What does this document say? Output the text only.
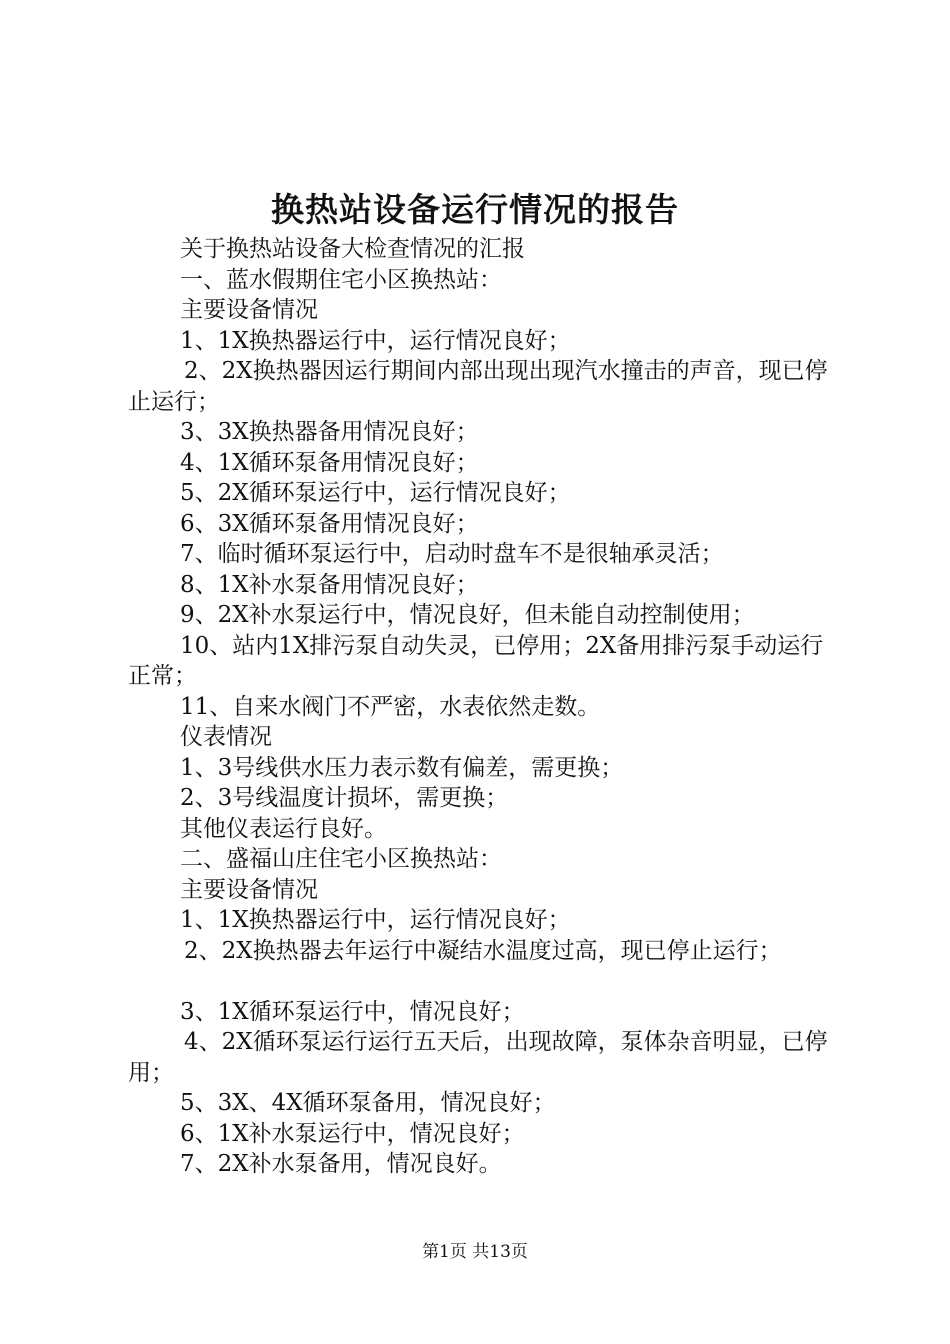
换热站设备运行情况的报告

关于换热站设备大检查情况的汇报

一、蓝水假期住宅小区换热站：

主要设备情况

1、1X换热器运行中，运行情况良好；

2、2X换热器因运行期间内部出现出现汽水撞击的声音，现已停止运行；

3、3X换热器备用情况良好；

4、1X循环泵备用情况良好；

5、2X循环泵运行中，运行情况良好；

6、3X循环泵备用情况良好；

7、临时循环泵运行中，启动时盘车不是很轴承灵活；

8、1X补水泵备用情况良好；

9、2X补水泵运行中，情况良好，但未能自动控制使用；

10、站内1X排污泵自动失灵，已停用；2X备用排污泵手动运行正常；

11、自来水阀门不严密，水表依然走数。

仪表情况

1、3号线供水压力表示数有偏差，需更换；

2、3号线温度计损坏，需更换；

其他仪表运行良好。

二、盛福山庄住宅小区换热站：

主要设备情况

1、1X换热器运行中，运行情况良好；

2、2X换热器去年运行中凝结水温度过高，现已停止运行；

3、1X循环泵运行中，情况良好；

4、2X循环泵运行运行五天后，出现故障，泵体杂音明显，已停用；

5、3X、4X循环泵备用，情况良好；

6、1X补水泵运行中，情况良好；

7、2X补水泵备用，情况良好。

第1页 共13页
